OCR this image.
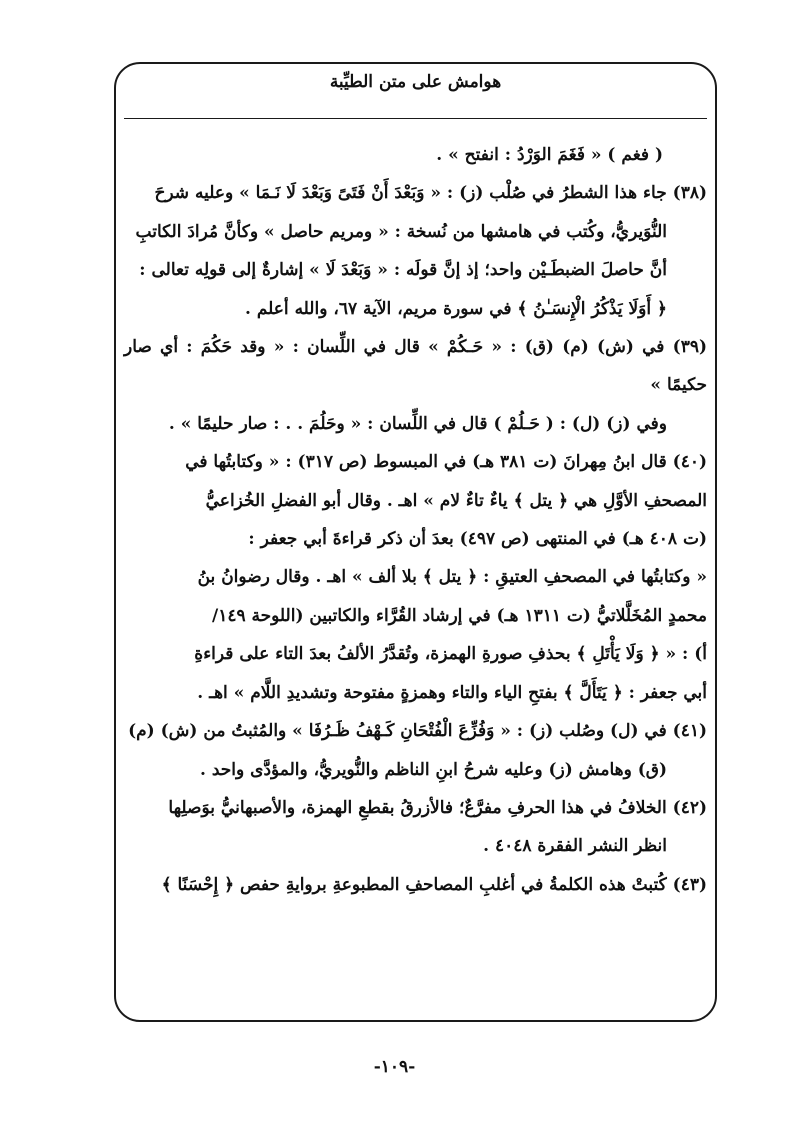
هوامش على متن الطيِّبة

( فغم ) « فَغَمَ الوَرْدُ : انفتح » .

(٣٨) جاء هذا الشطرُ في صُلْب (ز) : « وَبَعْدَ أَنْ فَتَىً وَبَعْدَ لَا نَـمَا » وعليه شرحَ

النُّوَيريُّ، وكُتب في هامشها من نُسخة : « ومريم حاصل » وكأنَّ مُرادَ الكاتبِ

أنَّ حاصلَ الضبطَـيْن واحد؛ إذ إنَّ قولَه : « وَبَعْدَ لَا » إشارةٌ إلى قولِه تعالى :

﴿ أَوَلَا يَذْكُرُ الْإِنسَـٰنُ ﴾ في سورة مريم، الآية ٦٧، والله أعلم .

(٣٩) في (ش) (م) (ق) : « حَـكُمْ » قال في اللِّسان : « وقد حَكُمَ : أي صار حكيمًا »

وفي (ز) (ل) : ( حَـلُمْ ) قال في اللِّسان : « وحَلُمَ . . : صار حليمًا » .

(٤٠) قال ابنُ مِهرانَ (ت ٣٨١ هـ) في المبسوط (ص ٣١٧) : « وكتابتُها في

المصحفِ الأوَّلِ هي ﴿ يتل ﴾ ياءٌ تاءٌ لام » اهـ . وقال أبو الفضلِ الخُزاعيُّ

(ت ٤٠٨ هـ) في المنتهى (ص ٤٩٧) بعدَ أن ذكر قراءةَ أبي جعفر :

« وكتابتُها في المصحفِ العتيقِ : ﴿ يتل ﴾ بلا ألف » اهـ . وقال رضوانُ بنُ

محمدٍ المُخَلَّلاتيُّ (ت ١٣١١ هـ) في إرشاد القُرَّاء والكاتبين (اللوحة ١٤٩/

أ) : « ﴿ وَلَا يَأْتَلِ ﴾ بحذفِ صورةِ الهمزة، وتُقدَّرُ الألفُ بعدَ التاء على قراءةِ

أبي جعفر : ﴿ يَتَأَلَّ ﴾ بفتحِ الياء والتاء وهمزةٍ مفتوحة وتشديدِ اللَّام » اهـ .

(٤١) في (ل) وصُلب (ز) : « وَفُزِّعَ الْفُتْحَانِ كَـهْفُ ظَـرُفَا » والمُثبتُ من (ش) (م)

(ق) وهامش (ز) وعليه شرحُ ابنِ الناظم والنُّويريُّ، والمؤدَّى واحد .

(٤٢) الخلافُ في هذا الحرفِ مفرَّعٌ؛ فالأزرقُ بقطعِ الهمزة، والأصبهانيُّ بوَصلِها

انظر النشر الفقرة ٤٠٤٨ .

(٤٣) كُتبتْ هذه الكلمةُ في أغلبِ المصاحفِ المطبوعةِ بروايةِ حفص ﴿ إِحْسَنًا ﴾

-١٠٩-
